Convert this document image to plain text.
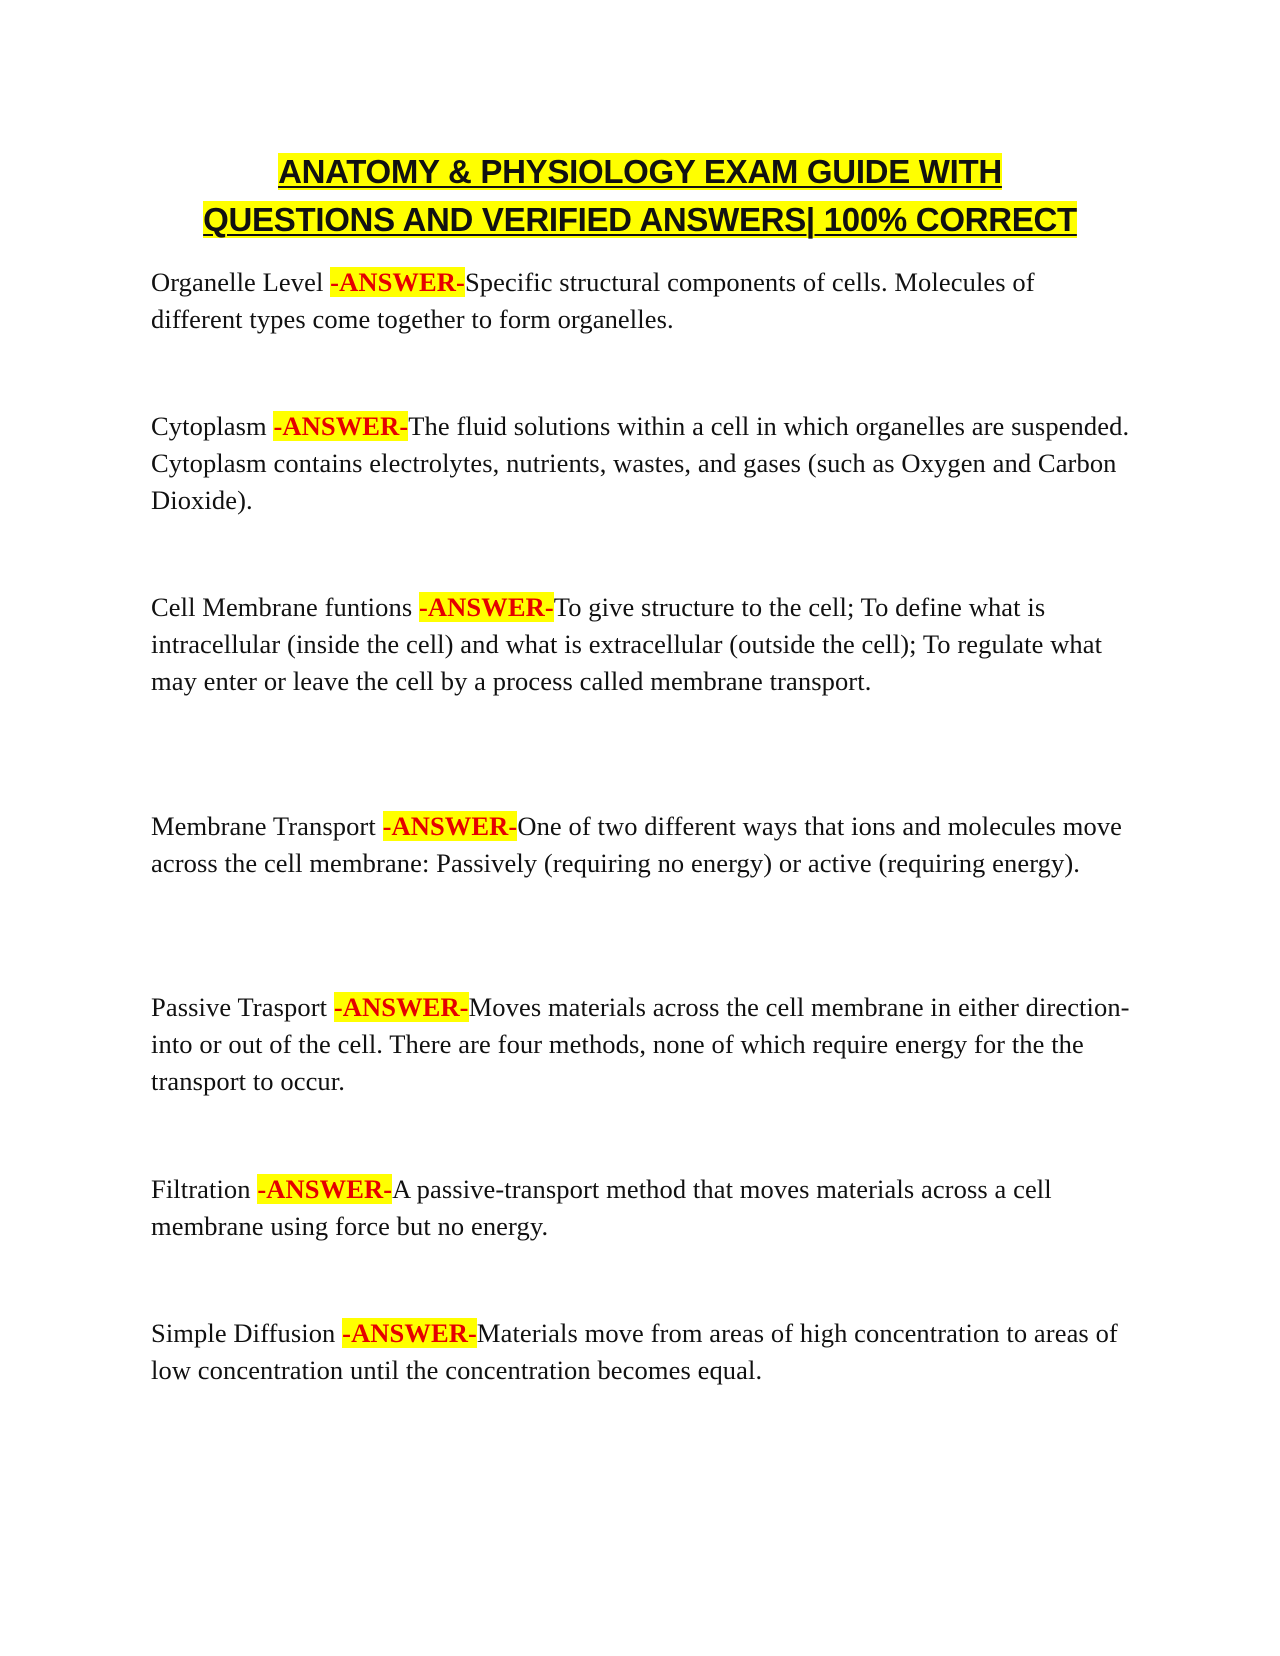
ANATOMY & PHYSIOLOGY EXAM GUIDE WITH
QUESTIONS AND VERIFIED ANSWERS| 100% CORRECT

Organelle Level -ANSWER-Specific structural components of cells. Molecules of different types come together to form organelles.

Cytoplasm -ANSWER-The fluid solutions within a cell in which organelles are suspended. Cytoplasm contains electrolytes, nutrients, wastes, and gases (such as Oxygen and Carbon Dioxide).

Cell Membrane funtions -ANSWER-To give structure to the cell; To define what is intracellular (inside the cell) and what is extracellular (outside the cell); To regulate what may enter or leave the cell by a process called membrane transport.

Membrane Transport -ANSWER-One of two different ways that ions and molecules move across the cell membrane: Passively (requiring no energy) or active (requiring energy).

Passive Trasport -ANSWER-Moves materials across the cell membrane in either direction-into or out of the cell. There are four methods, none of which require energy for the the transport to occur.

Filtration -ANSWER-A passive-transport method that moves materials across a cell membrane using force but no energy.

Simple Diffusion -ANSWER-Materials move from areas of high concentration to areas of low concentration until the concentration becomes equal.
